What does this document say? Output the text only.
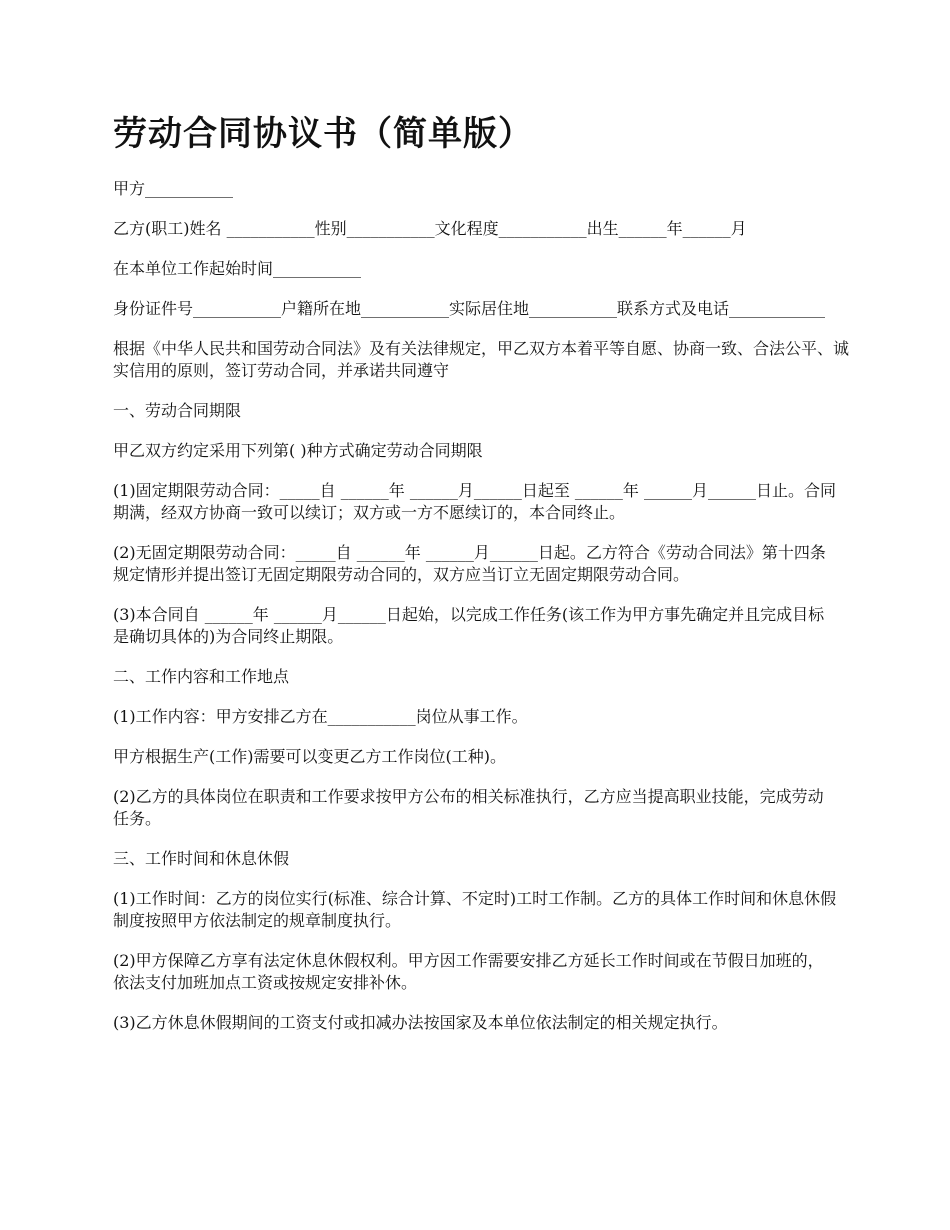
劳动合同协议书（简单版）

甲方___________

乙方(职工)姓名 ___________性别___________文化程度___________出生______年______月

在本单位工作起始时间___________

身份证件号___________户籍所在地___________实际居住地___________联系方式及电话____________

根据《中华人民共和国劳动合同法》及有关法律规定，甲乙双方本着平等自愿、协商一致、合法公平、诚实信用的原则，签订劳动合同，并承诺共同遵守

一、劳动合同期限

甲乙双方约定采用下列第( )种方式确定劳动合同期限

(1)固定期限劳动合同：_____自 ______年 ______月______日起至 ______年 ______月______日止。合同期满，经双方协商一致可以续订；双方或一方不愿续订的，本合同终止。

(2)无固定期限劳动合同：_____自 ______年 ______月______日起。乙方符合《劳动合同法》第十四条规定情形并提出签订无固定期限劳动合同的，双方应当订立无固定期限劳动合同。

(3)本合同自 ______年 ______月______日起始，以完成工作任务(该工作为甲方事先确定并且完成目标是确切具体的)为合同终止期限。

二、工作内容和工作地点

(1)工作内容：甲方安排乙方在___________岗位从事工作。

甲方根据生产(工作)需要可以变更乙方工作岗位(工种)。

(2)乙方的具体岗位在职责和工作要求按甲方公布的相关标准执行，乙方应当提高职业技能，完成劳动任务。

三、工作时间和休息休假

(1)工作时间：乙方的岗位实行(标准、综合计算、不定时)工时工作制。乙方的具体工作时间和休息休假制度按照甲方依法制定的规章制度执行。

(2)甲方保障乙方享有法定休息休假权利。甲方因工作需要安排乙方延长工作时间或在节假日加班的，依法支付加班加点工资或按规定安排补休。

(3)乙方休息休假期间的工资支付或扣减办法按国家及本单位依法制定的相关规定执行。
